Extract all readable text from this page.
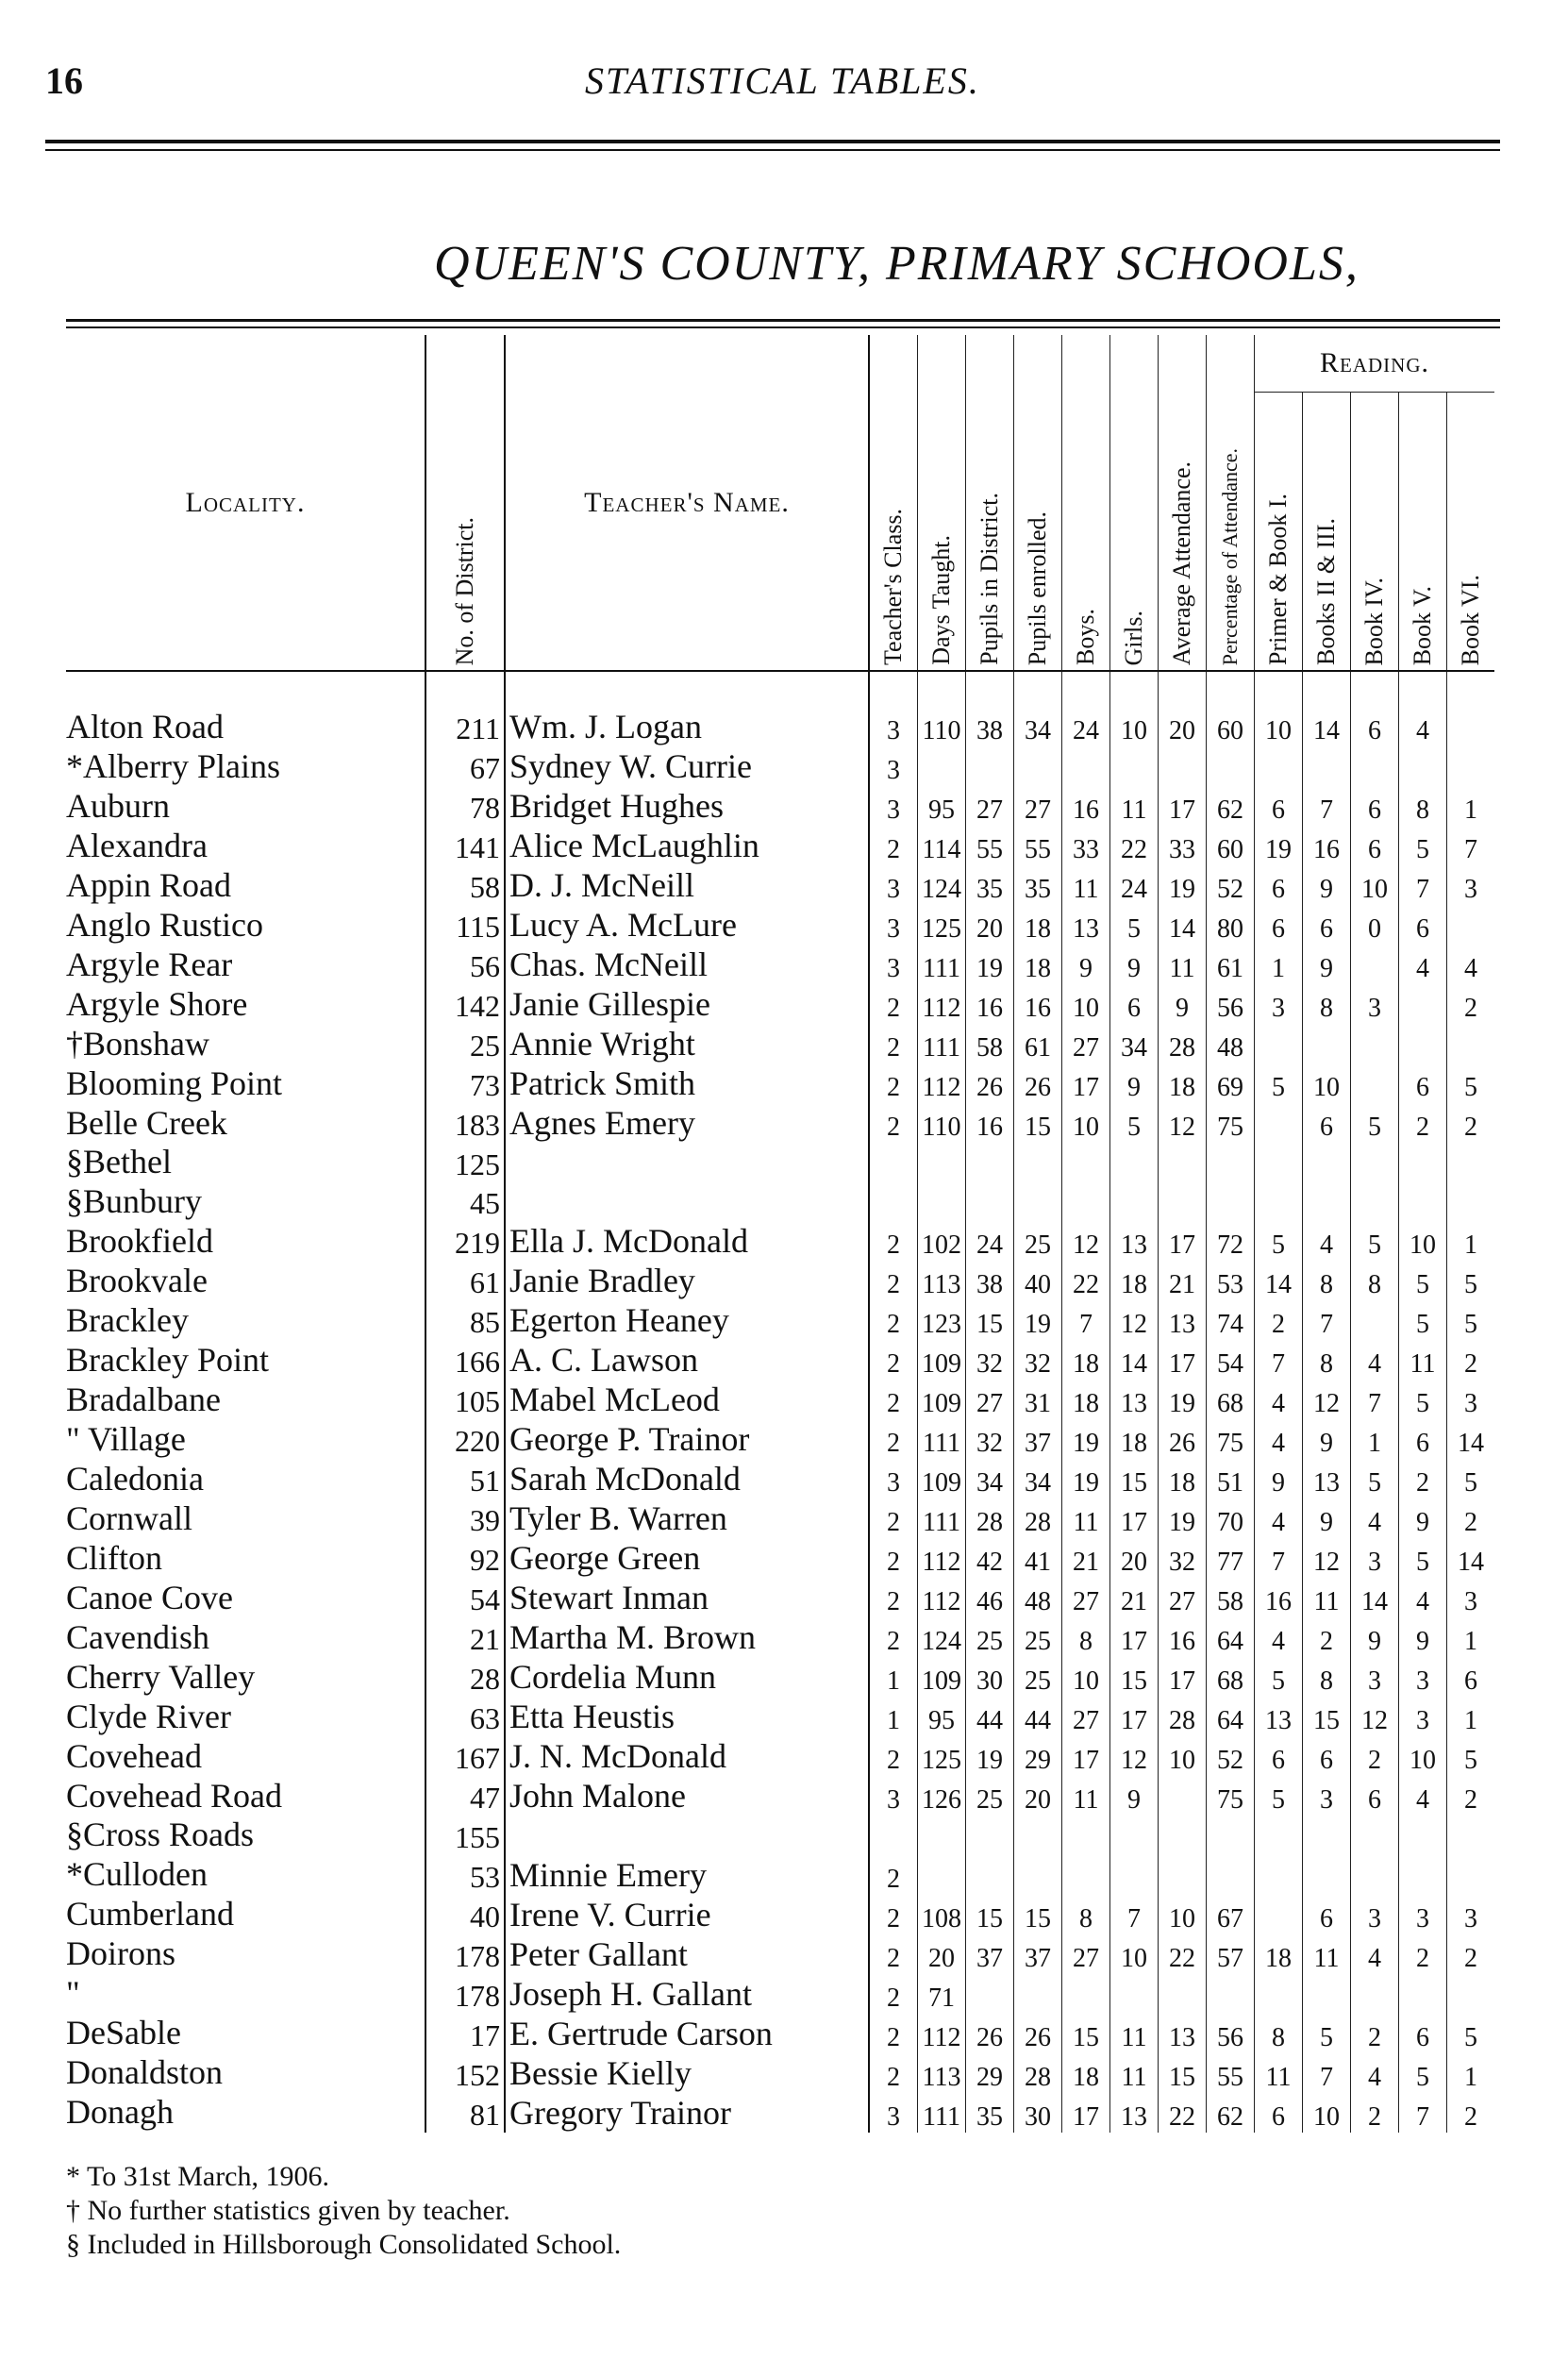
16	STATISTICAL TABLES.
QUEEN'S COUNTY, PRIMARY SCHOOLS,
Locality.	No. of District.	Teacher's Name.	Teacher's Class.	Days Taught.	Pupils in District.	Pupils enrolled.	Boys.	Girls.	Average Attendance.	Percentage of Attendance.	Reading.				
											Primer & Book I.	Books II & III.	Book IV.	Book V.	Book VI.

Alton Road	211	Wm. J. Logan	3	110	38	34	24	10	20	60	10	14	6	4	
*Alberry Plains	67	Sydney W. Currie	3												
Auburn	78	Bridget Hughes	3	95	27	27	16	11	17	62	6	7	6	8	1
Alexandra	141	Alice McLaughlin	2	114	55	55	33	22	33	60	19	16	6	5	7
Appin Road	58	D. J. McNeill	3	124	35	35	11	24	19	52	6	9	10	7	3
Anglo Rustico	115	Lucy A. McLure	3	125	20	18	13	5	14	80	6	6	0	6	
Argyle Rear	56	Chas. McNeill	3	111	19	18	9	9	11	61	1	9		4	4
Argyle Shore	142	Janie Gillespie	2	112	16	16	10	6	9	56	3	8	3		2
†Bonshaw	25	Annie Wright	2	111	58	61	27	34	28	48					
Blooming Point	73	Patrick Smith	2	112	26	26	17	9	18	69	5	10		6	5
Belle Creek	183	Agnes Emery	2	110	16	15	10	5	12	75		6	5	2	2
§Bethel	125														
§Bunbury	45														
Brookfield	219	Ella J. McDonald	2	102	24	25	12	13	17	72	5	4	5	10	1
Brookvale	61	Janie Bradley	2	113	38	40	22	18	21	53	14	8	8	5	5
Brackley	85	Egerton Heaney	2	123	15	19	7	12	13	74	2	7		5	5
Brackley Point	166	A. C. Lawson	2	109	32	32	18	14	17	54	7	8	4	11	2
Bradalbane	105	Mabel McLeod	2	109	27	31	18	13	19	68	4	12	7	5	3
" Village	220	George P. Trainor	2	111	32	37	19	18	26	75	4	9	1	6	14
Caledonia	51	Sarah McDonald	3	109	34	34	19	15	18	51	9	13	5	2	5
Cornwall	39	Tyler B. Warren	2	111	28	28	11	17	19	70	4	9	4	9	2
Clifton	92	George Green	2	112	42	41	21	20	32	77	7	12	3	5	14
Canoe Cove	54	Stewart Inman	2	112	46	48	27	21	27	58	16	11	14	4	3
Cavendish	21	Martha M. Brown	2	124	25	25	8	17	16	64	4	2	9	9	1
Cherry Valley	28	Cordelia Munn	1	109	30	25	10	15	17	68	5	8	3	3	6
Clyde River	63	Etta Heustis	1	95	44	44	27	17	28	64	13	15	12	3	1
Covehead	167	J. N. McDonald	2	125	19	29	17	12	10	52	6	6	2	10	5
Covehead Road	47	John Malone	3	126	25	20	11	9		75	5	3	6	4	2
§Cross Roads	155														
*Culloden	53	Minnie Emery	2												
Cumberland	40	Irene V. Currie	2	108	15	15	8	7	10	67		6	3	3	3
Doirons	178	Peter Gallant	2	20	37	37	27	10	22	57	18	11	4	2	2
"	178	Joseph H. Gallant	2	71											
DeSable	17	E. Gertrude Carson	2	112	26	26	15	11	13	56	8	5	2	6	5
Donaldston	152	Bessie Kielly	2	113	29	28	18	11	15	55	11	7	4	5	1
Donagh	81	Gregory Trainor	3	111	35	30	17	13	22	62	6	10	2	7	2
* To 31st March, 1906.
† No further statistics given by teacher.
§ Included in Hillsborough Consolidated School.
